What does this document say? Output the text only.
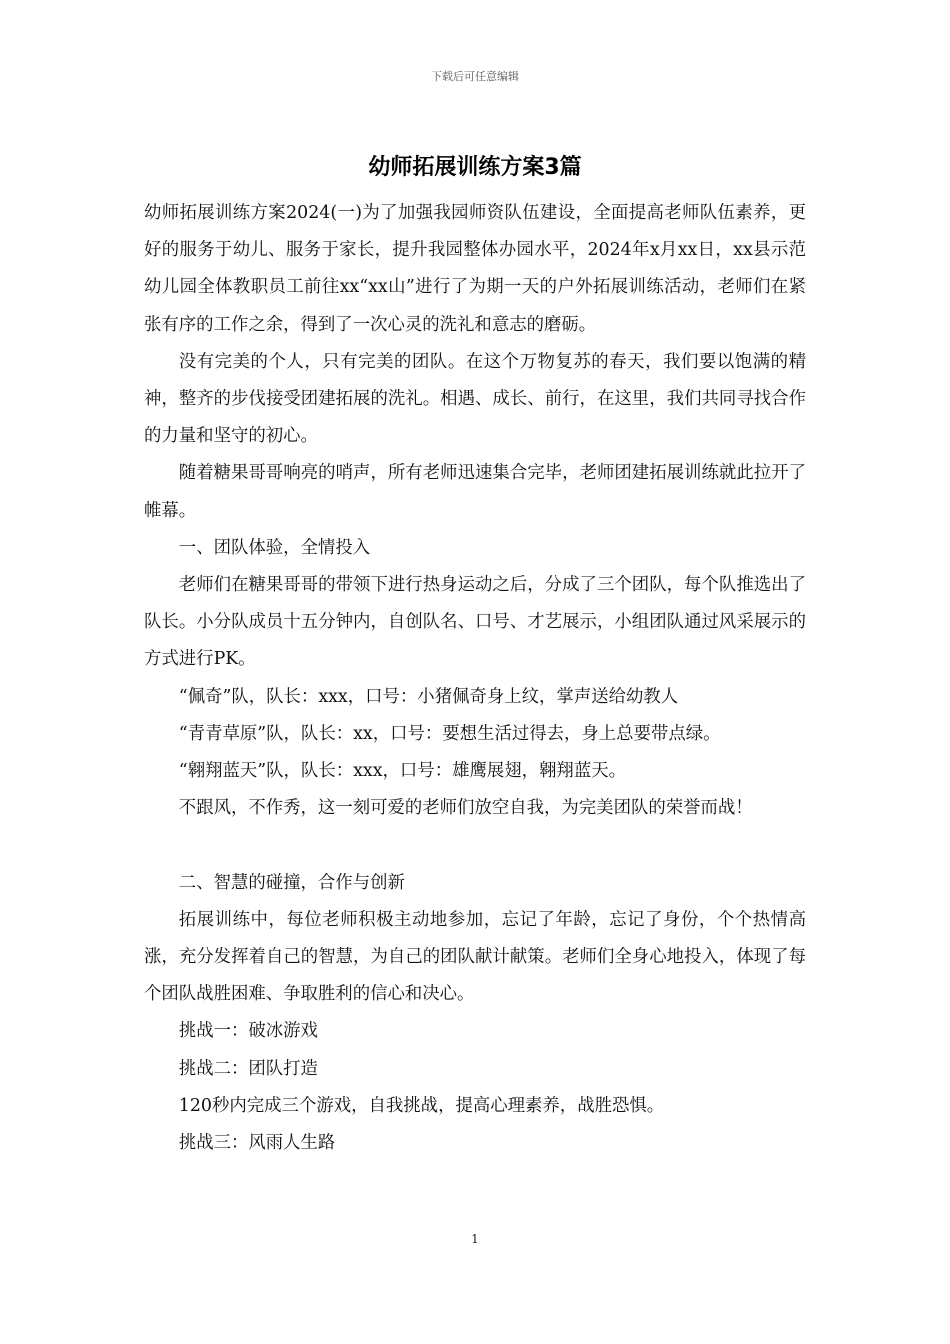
下载后可任意编辑
幼师拓展训练方案3篇

幼师拓展训练方案2024(一)为了加强我园师资队伍建设，全面提高老师队伍素养，更好的服务于幼儿、服务于家长，提升我园整体办园水平，2024年x月xx日，xx县示范幼儿园全体教职员工前往xx“xx山”进行了为期一天的户外拓展训练活动，老师们在紧张有序的工作之余，得到了一次心灵的洗礼和意志的磨砺。

没有完美的个人，只有完美的团队。在这个万物复苏的春天，我们要以饱满的精神，整齐的步伐接受团建拓展的洗礼。相遇、成长、前行，在这里，我们共同寻找合作的力量和坚守的初心。

随着糖果哥哥响亮的哨声，所有老师迅速集合完毕，老师团建拓展训练就此拉开了帷幕。

一、团队体验，全情投入

老师们在糖果哥哥的带领下进行热身运动之后，分成了三个团队，每个队推选出了队长。小分队成员十五分钟内，自创队名、口号、才艺展示，小组团队通过风采展示的方式进行PK。

“佩奇”队，队长：xxx，口号：小猪佩奇身上纹，掌声送给幼教人

“青青草原”队，队长：xx，口号：要想生活过得去，身上总要带点绿。

“翱翔蓝天”队，队长：xxx，口号：雄鹰展翅，翱翔蓝天。

不跟风，不作秀，这一刻可爱的老师们放空自我，为完美团队的荣誉而战！

二、智慧的碰撞，合作与创新

拓展训练中，每位老师积极主动地参加，忘记了年龄，忘记了身份，个个热情高涨，充分发挥着自己的智慧，为自己的团队献计献策。老师们全身心地投入，体现了每个团队战胜困难、争取胜利的信心和决心。

挑战一：破冰游戏

挑战二：团队打造

120秒内完成三个游戏，自我挑战，提高心理素养，战胜恐惧。

挑战三：风雨人生路

1
